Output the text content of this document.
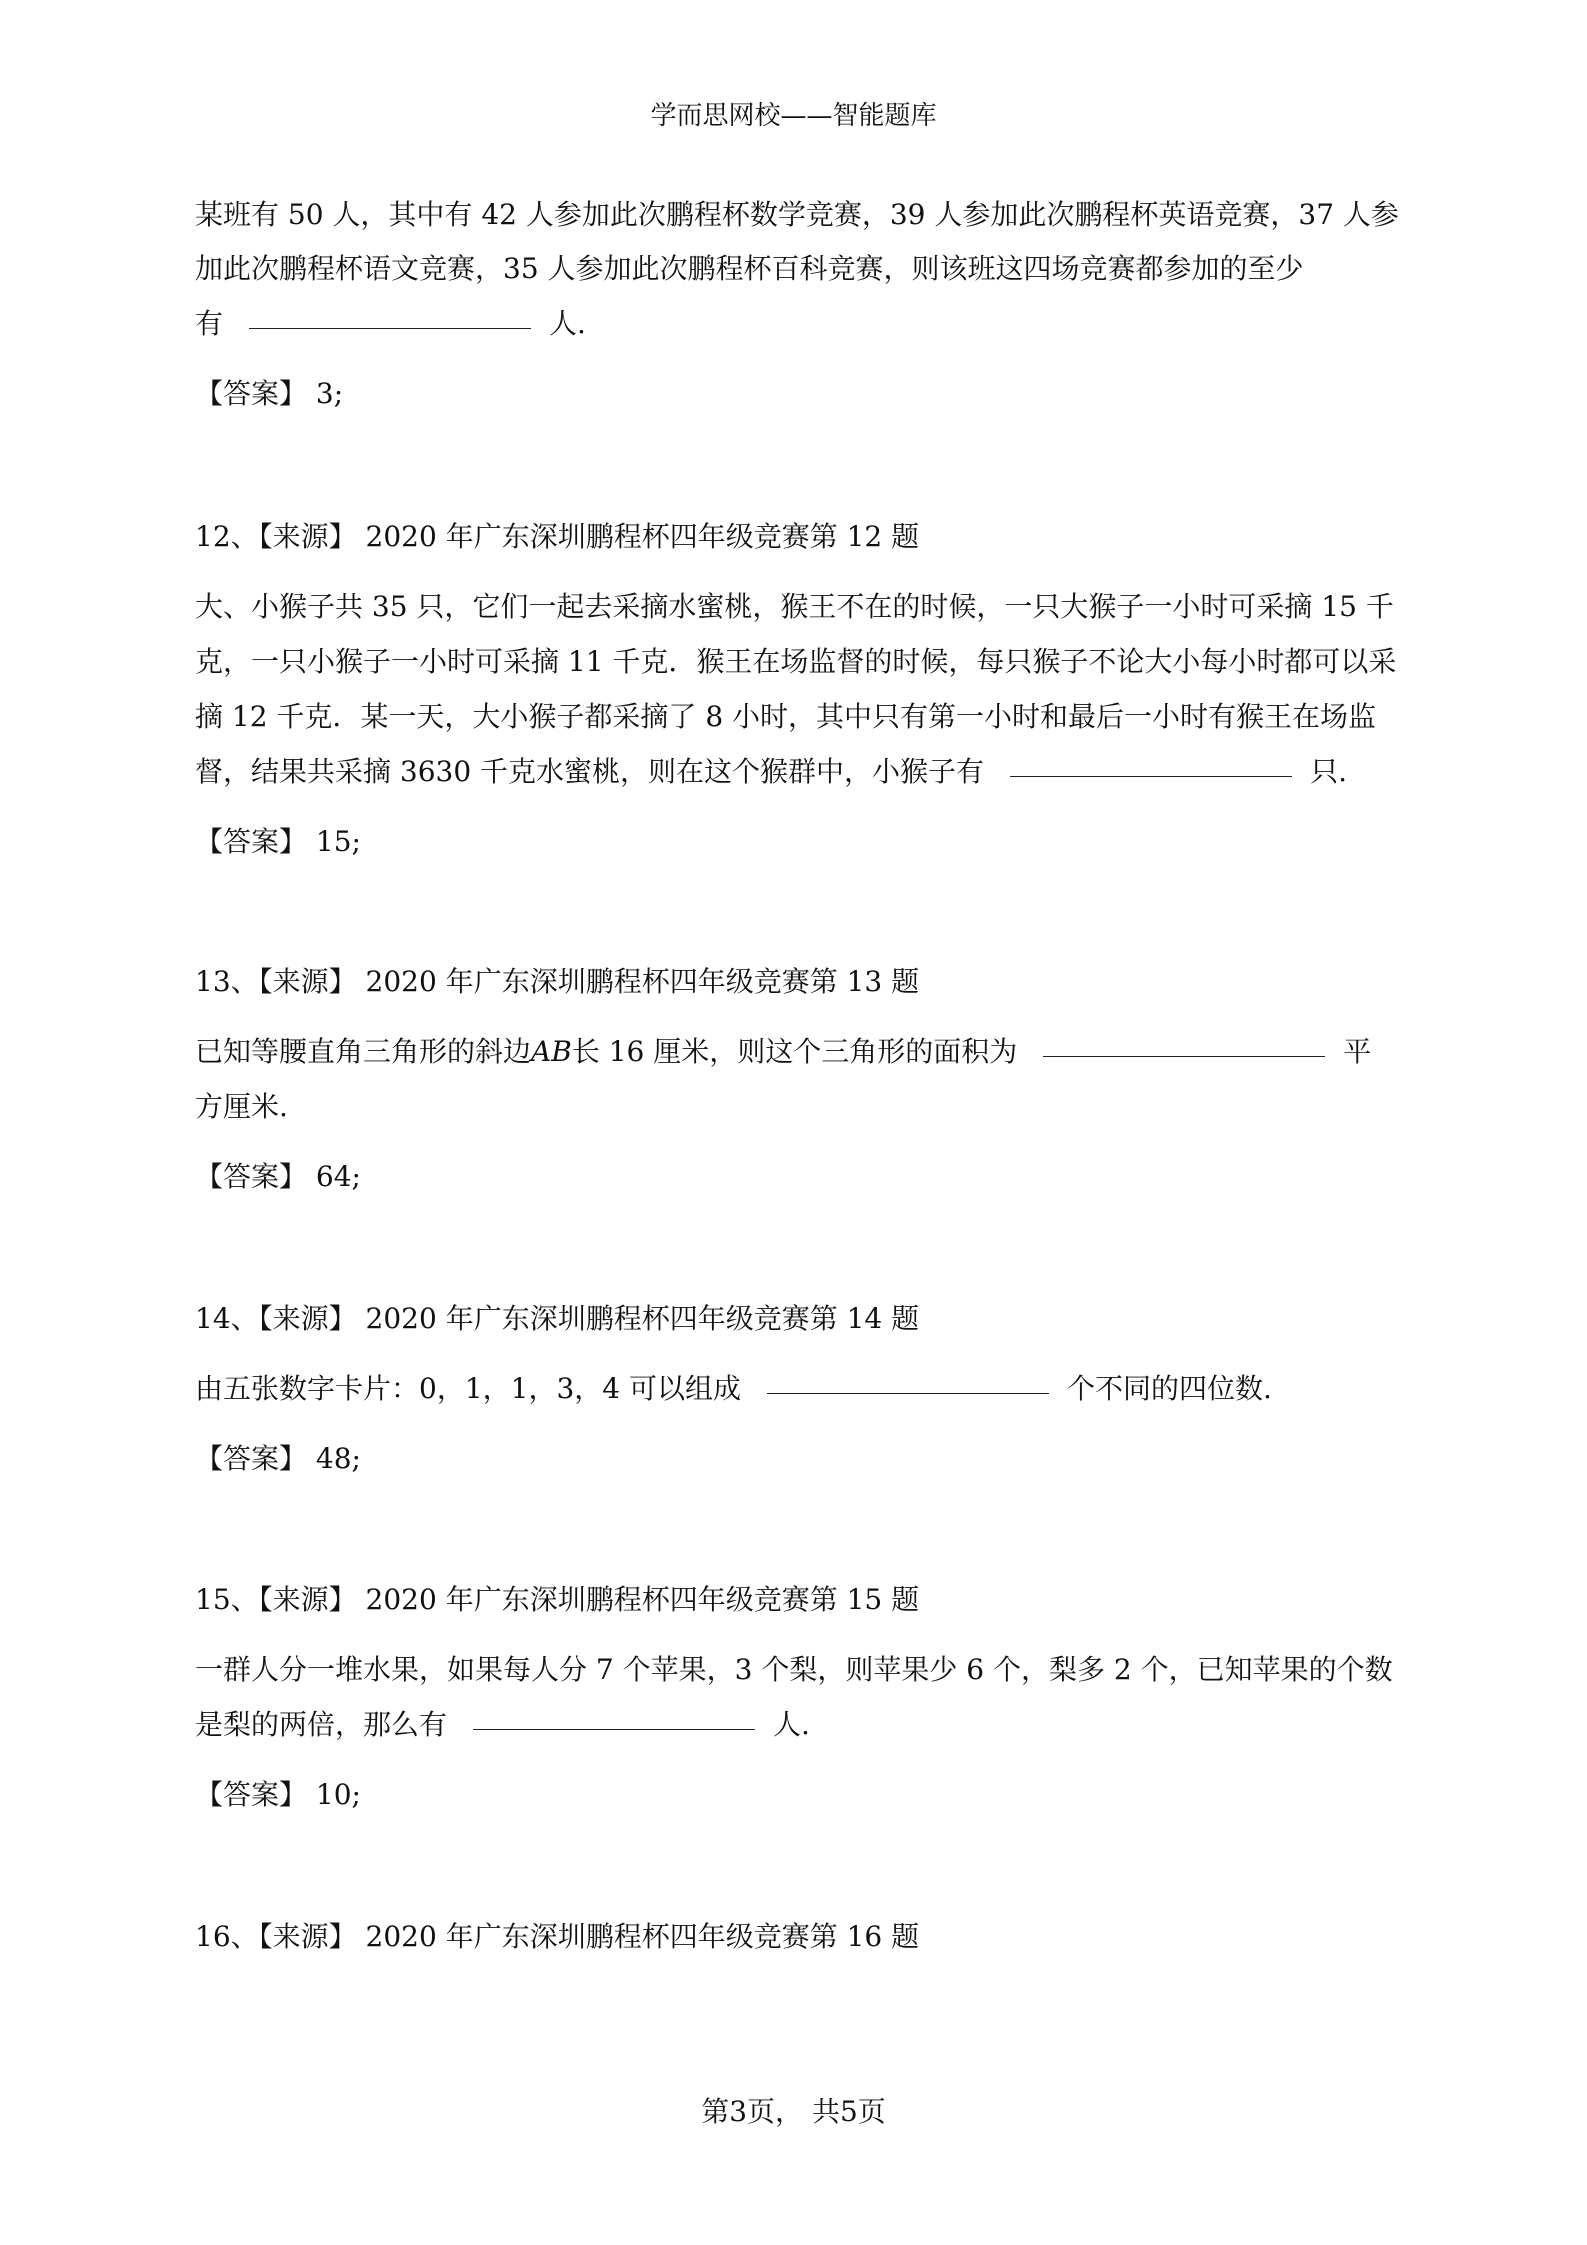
学而思网校——智能题库
某班有 50 人，其中有 42 人参加此次鹏程杯数学竞赛，39 人参加此次鹏程杯英语竞赛，37 人参
加此次鹏程杯语文竞赛，35 人参加此次鹏程杯百科竞赛，则该班这四场竞赛都参加的至少
有	人.
【答案】 3;
12、【来源】 2020 年广东深圳鹏程杯四年级竞赛第 12 题
大、小猴子共 35 只，它们一起去采摘水蜜桃，猴王不在的时候，一只大猴子一小时可采摘 15 千
克，一只小猴子一小时可采摘 11 千克．猴王在场监督的时候，每只猴子不论大小每小时都可以采
摘 12 千克．某一天，大小猴子都采摘了 8 小时，其中只有第一小时和最后一小时有猴王在场监
督，结果共采摘 3630 千克水蜜桃，则在这个猴群中，小猴子有	只.
【答案】 15;
13、【来源】 2020 年广东深圳鹏程杯四年级竞赛第 13 题
已知等腰直角三角形的斜边AB长 16 厘米，则这个三角形的面积为	平
方厘米.
【答案】 64;
14、【来源】 2020 年广东深圳鹏程杯四年级竞赛第 14 题
由五张数字卡片：0，1，1，3，4 可以组成	个不同的四位数.
【答案】 48;
15、【来源】 2020 年广东深圳鹏程杯四年级竞赛第 15 题
一群人分一堆水果，如果每人分 7 个苹果，3 个梨，则苹果少 6 个，梨多 2 个，已知苹果的个数
是梨的两倍，那么有	人.
【答案】 10;
16、【来源】 2020 年广东深圳鹏程杯四年级竞赛第 16 题
第3页， 共5页
